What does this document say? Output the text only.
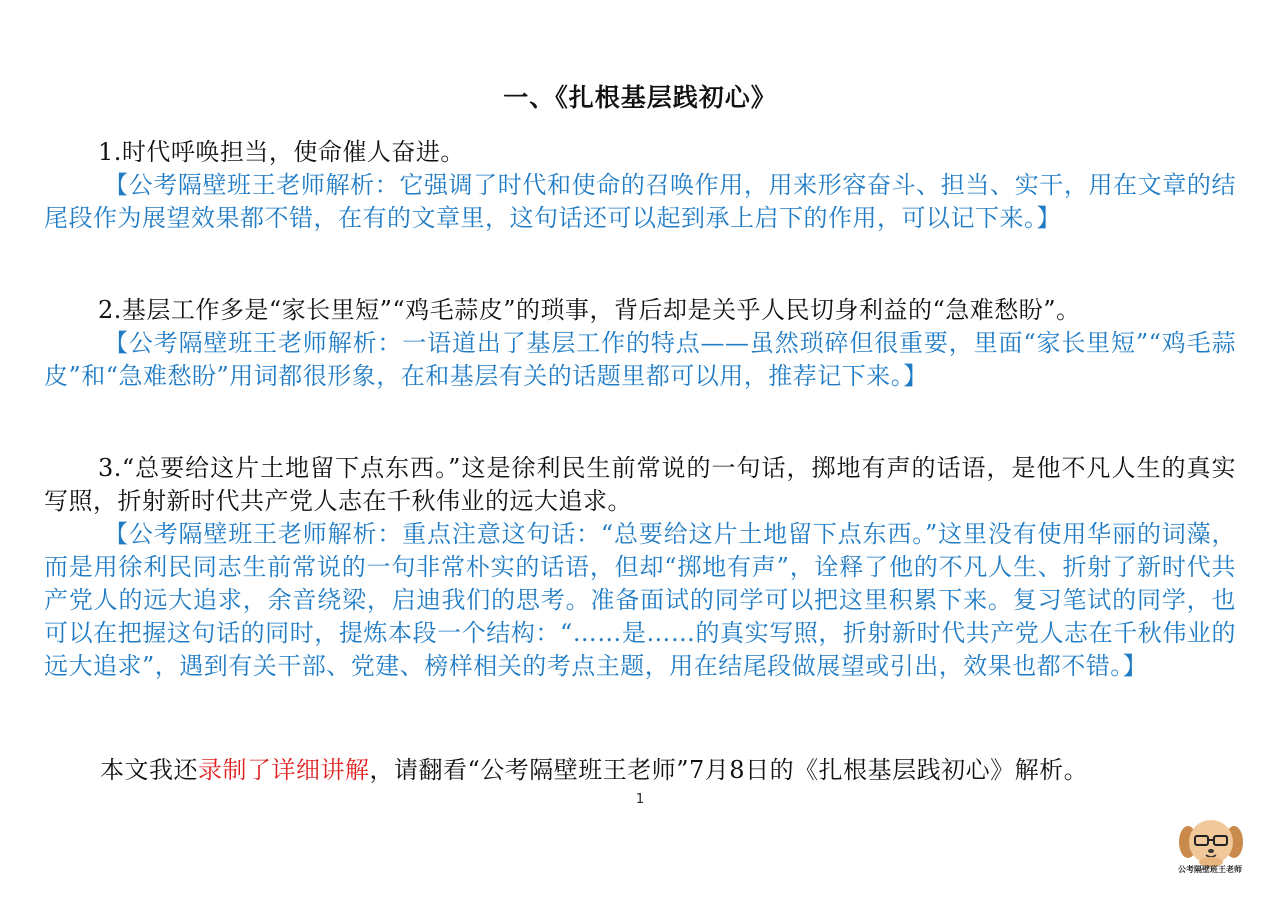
一、《扎根基层践初心》

1.时代呼唤担当，使命催人奋进。

【公考隔壁班王老师解析：它强调了时代和使命的召唤作用，用来形容奋斗、担当、实干，用在文章的结尾段作为展望效果都不错，在有的文章里，这句话还可以起到承上启下的作用，可以记下来。】

2.基层工作多是“家长里短”“鸡毛蒜皮”的琐事，背后却是关乎人民切身利益的“急难愁盼”。

【公考隔壁班王老师解析：一语道出了基层工作的特点——虽然琐碎但很重要，里面“家长里短”“鸡毛蒜皮”和“急难愁盼”用词都很形象，在和基层有关的话题里都可以用，推荐记下来。】

3.“总要给这片土地留下点东西。”这是徐利民生前常说的一句话，掷地有声的话语，是他不凡人生的真实写照，折射新时代共产党人志在千秋伟业的远大追求。

【公考隔壁班王老师解析：重点注意这句话：“总要给这片土地留下点东西。”这里没有使用华丽的词藻，而是用徐利民同志生前常说的一句非常朴实的话语，但却“掷地有声”，诠释了他的不凡人生、折射了新时代共产党人的远大追求，余音绕梁，启迪我们的思考。准备面试的同学可以把这里积累下来。复习笔试的同学，也可以在把握这句话的同时，提炼本段一个结构：“……是……的真实写照，折射新时代共产党人志在千秋伟业的远大追求”，遇到有关干部、党建、榜样相关的考点主题，用在结尾段做展望或引出，效果也都不错。】

本文我还录制了详细讲解，请翻看“公考隔壁班王老师”7月8日的《扎根基层践初心》解析。

1
公考隔壁班王老师
